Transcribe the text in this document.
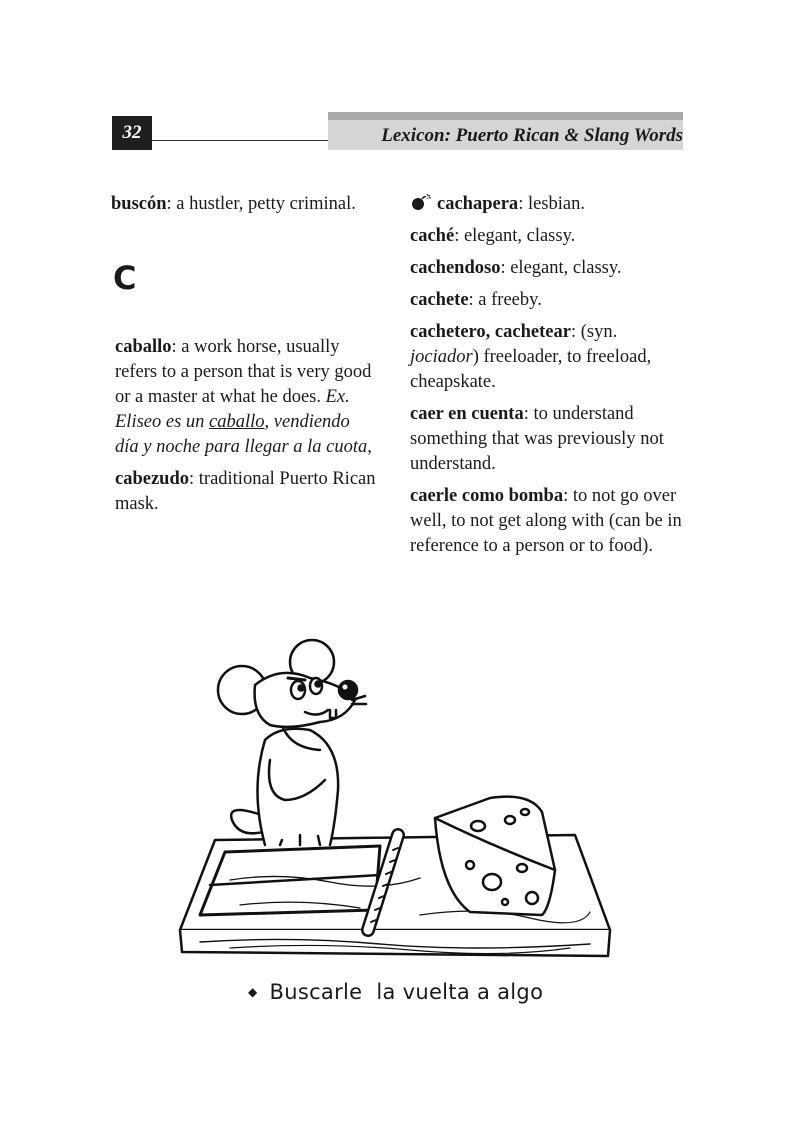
32	Lexicon: Puerto Rican & Slang Words

buscón: a hustler, petty criminal.

C

caballo: a work horse, usually refers to a person that is very good or a master at what he does. Ex. Eliseo es un caballo, vendiendo día y noche para llegar a la cuota,

cabezudo: traditional Puerto Rican mask.

cachapera: lesbian.

caché: elegant, classy.

cachendoso: elegant, classy.

cachete: a freeby.

cachetero, cachetear: (syn. jociador) freeloader, to freeload, cheapskate.

caer en cuenta: to understand something that was previously not understand.

caerle como bomba: to not go over well, to not get along with (can be in reference to a person or to food).

◆ Buscarle  la vuelta a algo
